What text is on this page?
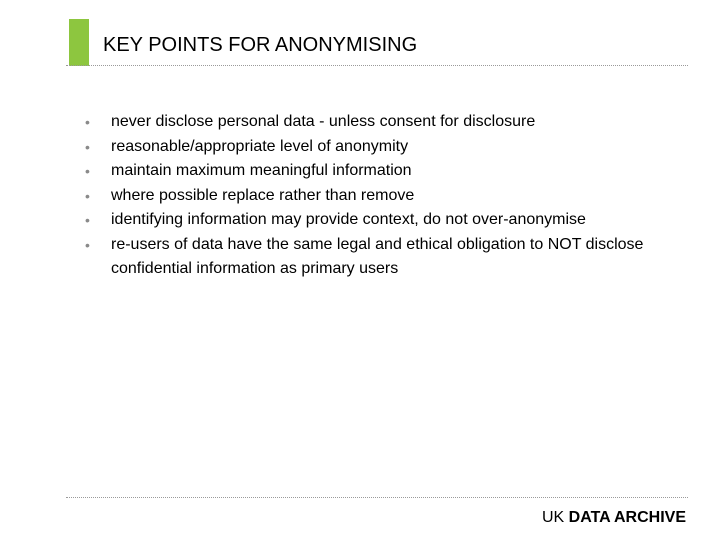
KEY POINTS FOR ANONYMISING
• never disclose personal data - unless consent for disclosure
• reasonable/appropriate level of anonymity
• maintain maximum meaningful information
• where possible replace rather than remove
• identifying information may provide context, do not over-anonymise
• re-users of data have the same legal and ethical obligation to NOT disclose confidential information as primary users
UK DATA ARCHIVE
